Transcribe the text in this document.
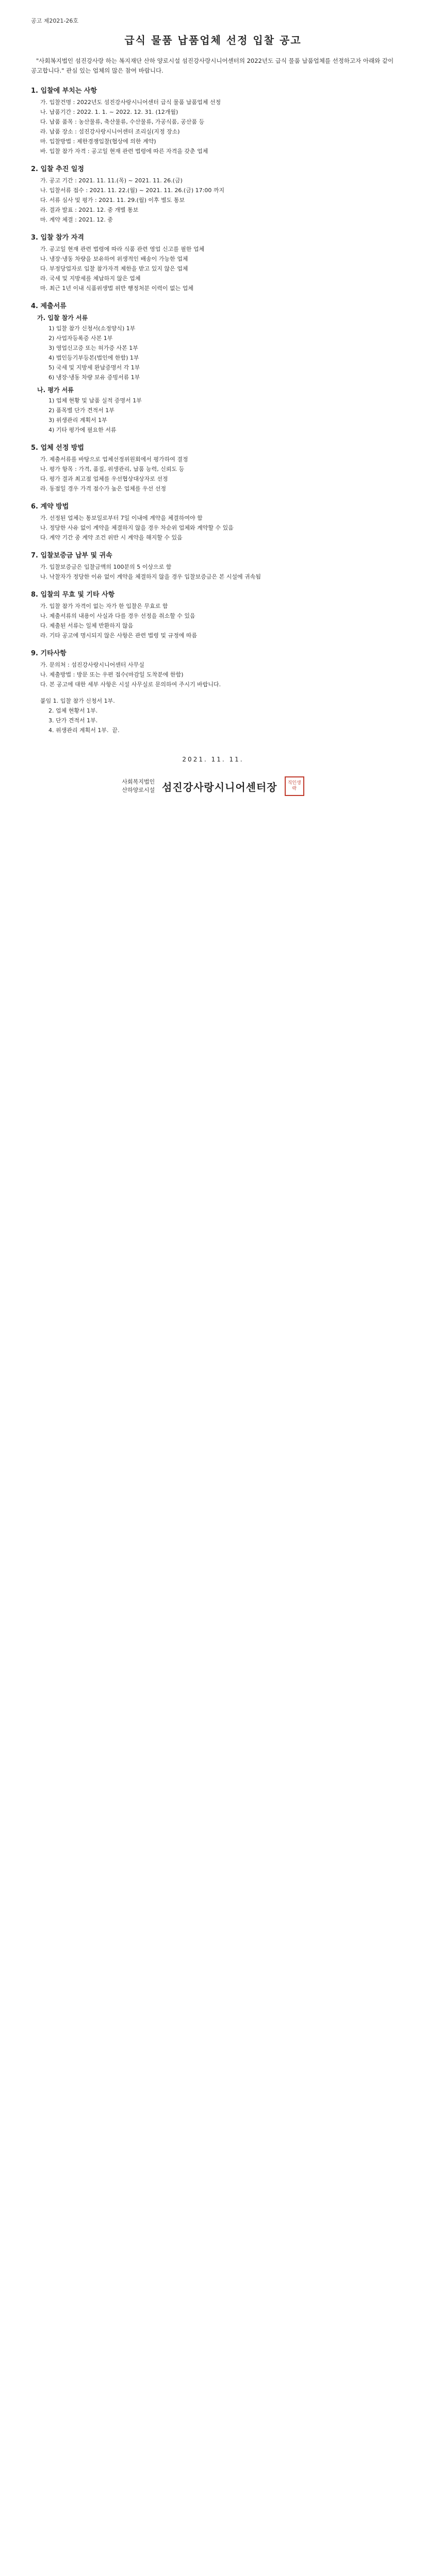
공고 제2021-26호
급식 물품 납품업체 선정 입찰 공고

"사회복지법인 섬진강사랑 하는 복지재단 산하 양로시설 섬진강사랑시니어센터의 2022년도 급식 물품 납품업체를 선정하고자 아래와 같이 공고합니다." 관심 있는 업체의 많은 참여 바랍니다.

1. 입찰에 부치는 사항
가. 입찰건명 : 2022년도 섬진강사랑시니어센터 급식 물품 납품업체 선정
나. 납품기간 : 2022. 1. 1. ~ 2022. 12. 31. (12개월)
다. 납품 품목 : 농산물류, 축산물류, 수산물류, 가공식품, 공산품 등
라. 납품 장소 : 섬진강사랑시니어센터 조리실(지정 장소)
마. 입찰방법 : 제한경쟁입찰(협상에 의한 계약)
바. 입찰 참가 자격 : 공고일 현재 관련 법령에 따른 자격을 갖춘 업체
2. 입찰 추진 일정
가. 공고 기간 : 2021. 11. 11.(목) ~ 2021. 11. 26.(금)
나. 입찰서류 접수 : 2021. 11. 22.(월) ~ 2021. 11. 26.(금) 17:00 까지
다. 서류 심사 및 평가 : 2021. 11. 29.(월) 이후 별도 통보
라. 결과 발표 : 2021. 12. 중 개별 통보
마. 계약 체결 : 2021. 12. 중
3. 입찰 참가 자격
가. 공고일 현재 관련 법령에 따라 식품 관련 영업 신고를 필한 업체
나. 냉장·냉동 차량을 보유하여 위생적인 배송이 가능한 업체
다. 부정당업자로 입찰 참가자격 제한을 받고 있지 않은 업체
라. 국세 및 지방세를 체납하지 않은 업체
마. 최근 1년 이내 식품위생법 위반 행정처분 이력이 없는 업체
4. 제출서류
가. 입찰 참가 서류
1) 입찰 참가 신청서(소정양식) 1부
2) 사업자등록증 사본 1부
3) 영업신고증 또는 허가증 사본 1부
4) 법인등기부등본(법인에 한함) 1부
5) 국세 및 지방세 완납증명서 각 1부
6) 냉장·냉동 차량 보유 증빙서류 1부
나. 평가 서류
1) 업체 현황 및 납품 실적 증명서 1부
2) 품목별 단가 견적서 1부
3) 위생관리 계획서 1부
4) 기타 평가에 필요한 서류
5. 업체 선정 방법
가. 제출서류를 바탕으로 업체선정위원회에서 평가하여 결정
나. 평가 항목 : 가격, 품질, 위생관리, 납품 능력, 신뢰도 등
다. 평가 결과 최고점 업체를 우선협상대상자로 선정
라. 동점일 경우 가격 점수가 높은 업체를 우선 선정
6. 계약 방법
가. 선정된 업체는 통보일로부터 7일 이내에 계약을 체결하여야 함
나. 정당한 사유 없이 계약을 체결하지 않을 경우 차순위 업체와 계약할 수 있음
다. 계약 기간 중 계약 조건 위반 시 계약을 해지할 수 있음
7. 입찰보증금 납부 및 귀속
가. 입찰보증금은 입찰금액의 100분의 5 이상으로 함
나. 낙찰자가 정당한 이유 없이 계약을 체결하지 않을 경우 입찰보증금은 본 시설에 귀속됨
8. 입찰의 무효 및 기타 사항
가. 입찰 참가 자격이 없는 자가 한 입찰은 무효로 함
나. 제출서류의 내용이 사실과 다를 경우 선정을 취소할 수 있음
다. 제출된 서류는 일체 반환하지 않음
라. 기타 공고에 명시되지 않은 사항은 관련 법령 및 규정에 따름
9. 기타사항
가. 문의처 : 섬진강사랑시니어센터 사무실
나. 제출방법 : 방문 또는 우편 접수(마감일 도착분에 한함)
다. 본 공고에 대한 세부 사항은 시설 사무실로 문의하여 주시기 바랍니다.
붙임 1. 입찰 참가 신청서 1부.
2. 업체 현황서 1부.
3. 단가 견적서 1부.
4. 위생관리 계획서 1부.  끝.
2021. 11. 11.
사회복지법인
산하양로시설 섬진강사랑시니어센터장	직인생략
